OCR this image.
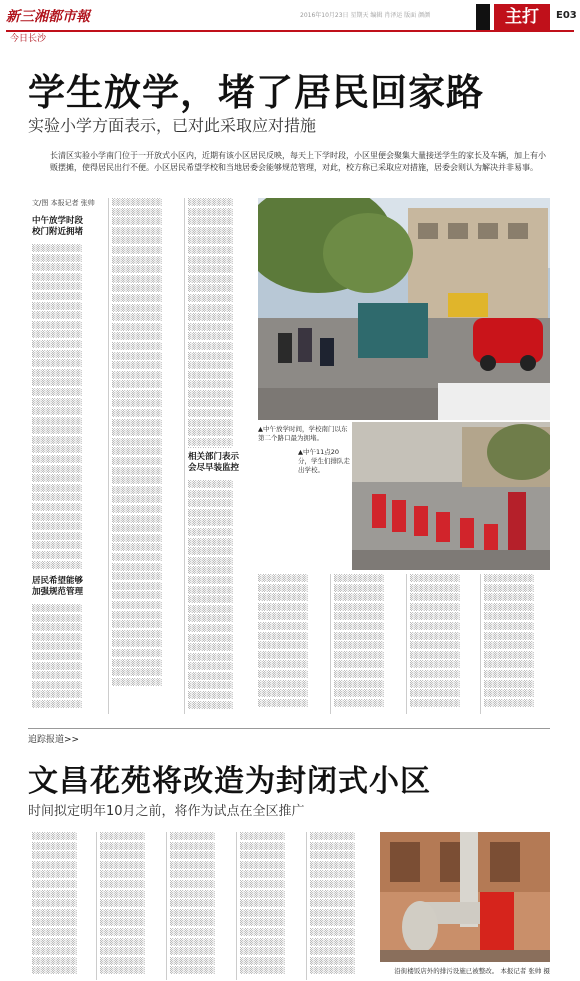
新三湘都市報 今日长沙
2016年10月23日 星期天 编辑 肖泽运 版面 颜颜	主打	E03
学生放学，堵了居民回家路
实验小学方面表示，已对此采取应对措施
长清区实验小学南门位于一开放式小区内，近期有该小区居民反映，每天上下学时段，小区里便会聚集大量接送学生的家长及车辆，加上有小贩摆摊，使得居民出行不便。小区居民希望学校和当地居委会能够规范管理，对此，校方称已采取应对措施，居委会则认为解决并非易事。
文/图 本报记者 张帅
中午放学时段
校门附近拥堵
░░░░░░░░░░ ░░░░░░░░░░ ░░░░░░░░░░ ░░░░░░░░░░ ░░░░░░░░░░ ░░░░░░░░░░ ░░░░░░░░░░ ░░░░░░░░░░ ░░░░░░░░░░ ░░░░░░░░░░ ░░░░░░░░░░ ░░░░░░░░░░ ░░░░░░░░░░ ░░░░░░░░░░ ░░░░░░░░░░ ░░░░░░░░░░ ░░░░░░░░░░ ░░░░░░░░░░ ░░░░░░░░░░ ░░░░░░░░░░ ░░░░░░░░░░ ░░░░░░░░░░ ░░░░░░░░░░ ░░░░░░░░░░ ░░░░░░░░░░ ░░░░░░░░░░ ░░░░░░░░░░ ░░░░░░░░░░ ░░░░░░░░░░ ░░░░░░░░░░ ░░░░░░░░░░ ░░░░░░░░░░ ░░░░░░░░░░ ░░░░░░░░░░
居民希望能够
加强规范管理
░░░░░░░░░░ ░░░░░░░░░░ ░░░░░░░░░░ ░░░░░░░░░░ ░░░░░░░░░░ ░░░░░░░░░░ ░░░░░░░░░░ ░░░░░░░░░░ ░░░░░░░░░░ ░░░░░░░░░░ ░░░░░░░░░░
░░░░░░░░░░ ░░░░░░░░░░ ░░░░░░░░░░ ░░░░░░░░░░ ░░░░░░░░░░ ░░░░░░░░░░ ░░░░░░░░░░ ░░░░░░░░░░ ░░░░░░░░░░ ░░░░░░░░░░ ░░░░░░░░░░ ░░░░░░░░░░ ░░░░░░░░░░ ░░░░░░░░░░ ░░░░░░░░░░ ░░░░░░░░░░ ░░░░░░░░░░ ░░░░░░░░░░ ░░░░░░░░░░ ░░░░░░░░░░ ░░░░░░░░░░ ░░░░░░░░░░ ░░░░░░░░░░ ░░░░░░░░░░ ░░░░░░░░░░ ░░░░░░░░░░ ░░░░░░░░░░ ░░░░░░░░░░ ░░░░░░░░░░ ░░░░░░░░░░ ░░░░░░░░░░ ░░░░░░░░░░ ░░░░░░░░░░ ░░░░░░░░░░ ░░░░░░░░░░ ░░░░░░░░░░ ░░░░░░░░░░ ░░░░░░░░░░ ░░░░░░░░░░ ░░░░░░░░░░ ░░░░░░░░░░ ░░░░░░░░░░ ░░░░░░░░░░ ░░░░░░░░░░ ░░░░░░░░░░ ░░░░░░░░░░ ░░░░░░░░░░ ░░░░░░░░░░ ░░░░░░░░░░ ░░░░░░░░░░ ░░░░░░░░░░
░░░░░░░░░ ░░░░░░░░░ ░░░░░░░░░ ░░░░░░░░░ ░░░░░░░░░ ░░░░░░░░░ ░░░░░░░░░ ░░░░░░░░░ ░░░░░░░░░ ░░░░░░░░░ ░░░░░░░░░ ░░░░░░░░░ ░░░░░░░░░ ░░░░░░░░░ ░░░░░░░░░ ░░░░░░░░░ ░░░░░░░░░ ░░░░░░░░░ ░░░░░░░░░ ░░░░░░░░░ ░░░░░░░░░ ░░░░░░░░░ ░░░░░░░░░ ░░░░░░░░░ ░░░░░░░░░ ░░░░░░░░░
相关部门表示
会尽早装监控
░░░░░░░░░ ░░░░░░░░░ ░░░░░░░░░ ░░░░░░░░░ ░░░░░░░░░ ░░░░░░░░░ ░░░░░░░░░ ░░░░░░░░░ ░░░░░░░░░ ░░░░░░░░░ ░░░░░░░░░ ░░░░░░░░░ ░░░░░░░░░ ░░░░░░░░░ ░░░░░░░░░ ░░░░░░░░░ ░░░░░░░░░ ░░░░░░░░░ ░░░░░░░░░ ░░░░░░░░░ ░░░░░░░░░ ░░░░░░░░░ ░░░░░░░░░ ░░░░░░░░░
▲中午放学时间，学校南门以东第二个路口最为拥堵。
▲中午11点20分，学生们排队走出学校。
░░░░░░░░░░ ░░░░░░░░░░ ░░░░░░░░░░ ░░░░░░░░░░ ░░░░░░░░░░ ░░░░░░░░░░ ░░░░░░░░░░ ░░░░░░░░░░ ░░░░░░░░░░ ░░░░░░░░░░ ░░░░░░░░░░ ░░░░░░░░░░ ░░░░░░░░░░ ░░░░░░░░░░
░░░░░░░░░░ ░░░░░░░░░░ ░░░░░░░░░░ ░░░░░░░░░░ ░░░░░░░░░░ ░░░░░░░░░░ ░░░░░░░░░░ ░░░░░░░░░░ ░░░░░░░░░░ ░░░░░░░░░░ ░░░░░░░░░░ ░░░░░░░░░░ ░░░░░░░░░░ ░░░░░░░░░░
░░░░░░░░░░ ░░░░░░░░░░ ░░░░░░░░░░ ░░░░░░░░░░ ░░░░░░░░░░ ░░░░░░░░░░ ░░░░░░░░░░ ░░░░░░░░░░ ░░░░░░░░░░ ░░░░░░░░░░ ░░░░░░░░░░ ░░░░░░░░░░ ░░░░░░░░░░ ░░░░░░░░░░
░░░░░░░░░░ ░░░░░░░░░░ ░░░░░░░░░░ ░░░░░░░░░░ ░░░░░░░░░░ ░░░░░░░░░░ ░░░░░░░░░░ ░░░░░░░░░░ ░░░░░░░░░░ ░░░░░░░░░░ ░░░░░░░░░░ ░░░░░░░░░░ ░░░░░░░░░░ ░░░░░░░░░░
追踪报道>>
文昌花苑将改造为封闭式小区
时间拟定明年10月之前，将作为试点在全区推广
░░░░░░░░░ ░░░░░░░░░ ░░░░░░░░░ ░░░░░░░░░ ░░░░░░░░░ ░░░░░░░░░ ░░░░░░░░░ ░░░░░░░░░ ░░░░░░░░░ ░░░░░░░░░ ░░░░░░░░░ ░░░░░░░░░ ░░░░░░░░░ ░░░░░░░░░ ░░░░░░░░░
░░░░░░░░░ ░░░░░░░░░ ░░░░░░░░░ ░░░░░░░░░ ░░░░░░░░░ ░░░░░░░░░ ░░░░░░░░░ ░░░░░░░░░ ░░░░░░░░░ ░░░░░░░░░ ░░░░░░░░░ ░░░░░░░░░ ░░░░░░░░░ ░░░░░░░░░ ░░░░░░░░░
░░░░░░░░░ ░░░░░░░░░ ░░░░░░░░░ ░░░░░░░░░ ░░░░░░░░░ ░░░░░░░░░ ░░░░░░░░░ ░░░░░░░░░ ░░░░░░░░░ ░░░░░░░░░ ░░░░░░░░░ ░░░░░░░░░ ░░░░░░░░░ ░░░░░░░░░ ░░░░░░░░░
░░░░░░░░░ ░░░░░░░░░ ░░░░░░░░░ ░░░░░░░░░ ░░░░░░░░░ ░░░░░░░░░ ░░░░░░░░░ ░░░░░░░░░ ░░░░░░░░░ ░░░░░░░░░ ░░░░░░░░░ ░░░░░░░░░ ░░░░░░░░░ ░░░░░░░░░ ░░░░░░░░░
░░░░░░░░░ ░░░░░░░░░ ░░░░░░░░░ ░░░░░░░░░ ░░░░░░░░░ ░░░░░░░░░ ░░░░░░░░░ ░░░░░░░░░ ░░░░░░░░░ ░░░░░░░░░ ░░░░░░░░░ ░░░░░░░░░ ░░░░░░░░░ ░░░░░░░░░ ░░░░░░░░░	沿街楼饭店外的排污设施已被整改。 本报记者 张帅 摄
